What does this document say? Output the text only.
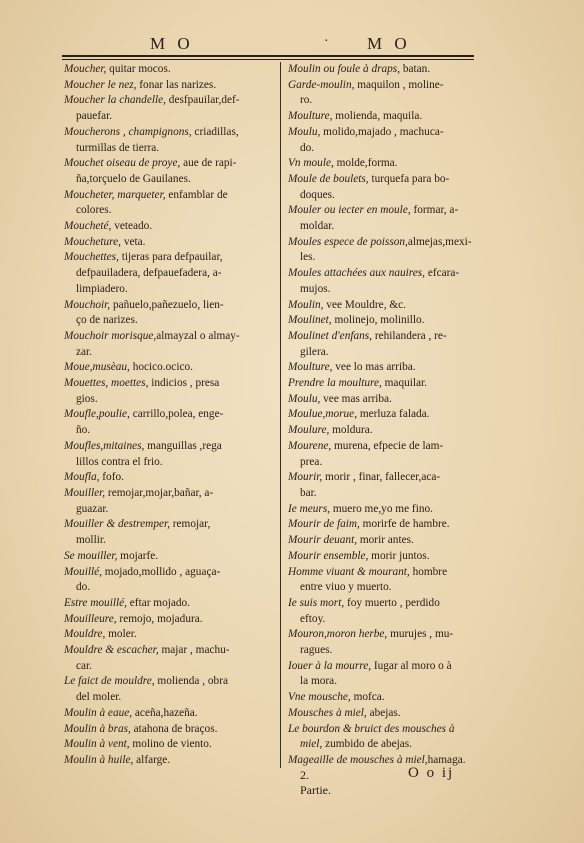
M O	· M O
Moucher, quitar mocos.
Moucher le nez, fonar las narizes.
Moucher la chandelle, desfpauilar,def-
pauefar.
Moucherons , champignons, criadillas,
turmillas de tierra.
Mouchet oiseau de proye, aue de rapi-
ña,torçuelo de Gauilanes.
Moucheter, marqueter, enfamblar de
colores.
Moucheté, veteado.
Moucheture, veta.
Mouchettes, tijeras para defpauilar,
defpauiladera, defpauefadera, a-
limpiadero.
Mouchoir, pañuelo,pañezuelo, lien-
ço de narizes.
Mouchoir morisque,almayzal o almay-
zar.
Moue,musèau, hocico.ocico.
Mouettes, moettes, indicios , presa
gios.
Moufle,poulie, carrillo,polea, enge-
ño.
Moufles,mitaines, manguillas ,rega
lillos contra el frio.
Moufla, fofo.
Mouiller, remojar,mojar,bañar, a-
guazar.
Mouiller & destremper, remojar,
mollir.
Se mouiller, mojarfe.
Mouillé, mojado,mollido , aguaça-
do.
Estre mouillé, eftar mojado.
Mouilleure, remojo, mojadura.
Mouldre, moler.
Mouldre & escacher, majar , machu-
car.
Le faict de mouldre, molienda , obra
del moler.
Moulin à eaue, aceña,hazeña.
Moulin à bras, atahona de braços.
Moulin à vent, molino de viento.
Moulin à huile, alfarge.
Moulin ou foule à draps, batan.
Garde-moulin, maquilon , moline-
ro.
Moulture, molienda, maquila.
Moulu, molido,majado , machuca-
do.
Vn moule, molde,forma.
Moule de boulets, turquefa para bo-
doques.
Mouler ou iecter en moule, formar, a-
moldar.
Moules espece de poisson,almejas,mexi-
les.
Moules attachées aux nauires, efcara-
mujos.
Moulin, vee Mouldre, &c.
Moulinet, molinejo, molinillo.
Moulinet d'enfans, rehilandera , re-
gilera.
Moulture, vee lo mas arriba.
Prendre la moulture, maquilar.
Moulu, vee mas arriba.
Moulue,morue, merluza falada.
Moulure, moldura.
Mourene, murena, efpecie de lam-
prea.
Mourir, morir , finar, fallecer,aca-
bar.
Ie meurs, muero me,yo me fino.
Mourir de faim, morirfe de hambre.
Mourir deuant, morir antes.
Mourir ensemble, morir juntos.
Homme viuant & mourant, hombre
entre viuo y muerto.
Ie suis mort, foy muerto , perdido
eftoy.
Mouron,moron herbe, murujes , mu-
ragues.
Iouer à la mourre, Iugar al moro o à
la mora.
Vne mousche, mofca.
Mousches à miel, abejas.
Le bourdon & bruict des mousches à
miel, zumbido de abejas.
Mageaille de mousches à miel,hamaga.
2. Partie.
O o ij
